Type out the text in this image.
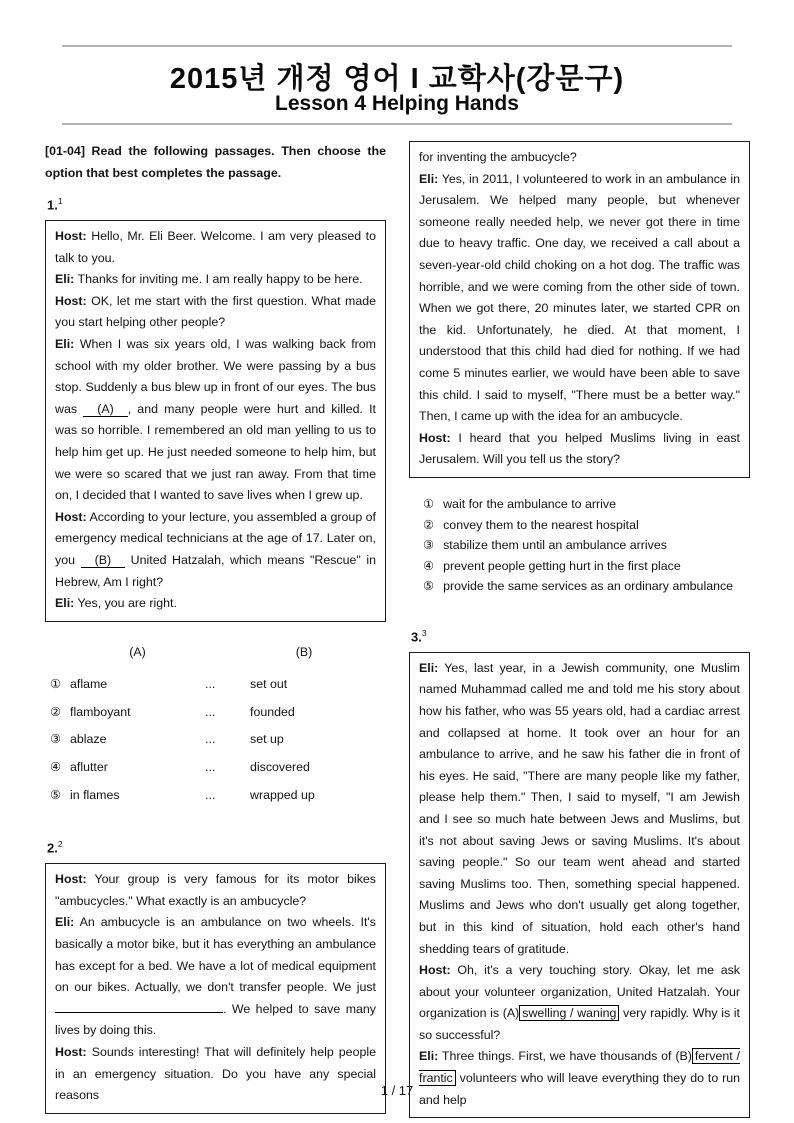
2015년 개정 영어 I 교학사(강문구)
Lesson 4 Helping Hands

[01-04] Read the following passages. Then choose the option that best completes the passage.

1.$^1$

Host: Hello, Mr. Eli Beer. Welcome. I am very pleased to talk to you.

Eli: Thanks for inviting me. I am really happy to be here.

Host: OK, let me start with the first question. What made you start helping other people?

Eli: When I was six years old, I was walking back from school with my older brother. We were passing by a bus stop. Suddenly a bus blew up in front of our eyes. The bus was (A) , and many people were hurt and killed. It was so horrible. I remembered an old man yelling to us to help him get up. He just needed someone to help him, but we were so scared that we just ran away. From that time on, I decided that I wanted to save lives when I grew up.

Host: According to your lecture, you assembled a group of emergency medical technicians at the age of 17. Later on, you (B) United Hatzalah, which means "Rescue" in Hebrew, Am I right?

Eli: Yes, you are right.

(A)	(B)
① aflame	...	set out
② flamboyant	...	founded
③ ablaze	...	set up
④ aflutter	...	discovered
⑤ in flames	...	wrapped up

2.$^2$

Host: Your group is very famous for its motor bikes "ambucycles." What exactly is an ambucycle?

Eli: An ambucycle is an ambulance on two wheels. It's basically a motor bike, but it has everything an ambulance has except for a bed. We have a lot of medical equipment on our bikes. Actually, we don't transfer people. We just . We helped to save many lives by doing this.

Host: Sounds interesting! That will definitely help people in an emergency situation. Do you have any special reasons

for inventing the ambucycle?

Eli: Yes, in 2011, I volunteered to work in an ambulance in Jerusalem. We helped many people, but whenever someone really needed help, we never got there in time due to heavy traffic. One day, we received a call about a seven-year-old child choking on a hot dog. The traffic was horrible, and we were coming from the other side of town. When we got there, 20 minutes later, we started CPR on the kid. Unfortunately, he died. At that moment, I understood that this child had died for nothing. If we had come 5 minutes earlier, we would have been able to save this child. I said to myself, "There must be a better way." Then, I came up with the idea for an ambucycle.

Host: I heard that you helped Muslims living in east Jerusalem. Will you tell us the story?

① wait for the ambulance to arrive
② convey them to the nearest hospital
③ stabilize them until an ambulance arrives
④ prevent people getting hurt in the first place
⑤ provide the same services as an ordinary ambulance

3.$^3$

Eli: Yes, last year, in a Jewish community, one Muslim named Muhammad called me and told me his story about how his father, who was 55 years old, had a cardiac arrest and collapsed at home. It took over an hour for an ambulance to arrive, and he saw his father die in front of his eyes. He said, "There are many people like my father, please help them." Then, I said to myself, "I am Jewish and I see so much hate between Jews and Muslims, but it's not about saving Jews or saving Muslims. It's about saving people." So our team went ahead and started saving Muslims too. Then, something special happened. Muslims and Jews who don't usually get along together, but in this kind of situation, hold each other's hand shedding tears of gratitude.

Host: Oh, it's a very touching story. Okay, let me ask about your volunteer organization, United Hatzalah. Your organization is (A) swelling / waning very rapidly. Why is it so successful?

Eli: Three things. First, we have thousands of (B) fervent / frantic volunteers who will leave everything they do to run and help

1 / 17
